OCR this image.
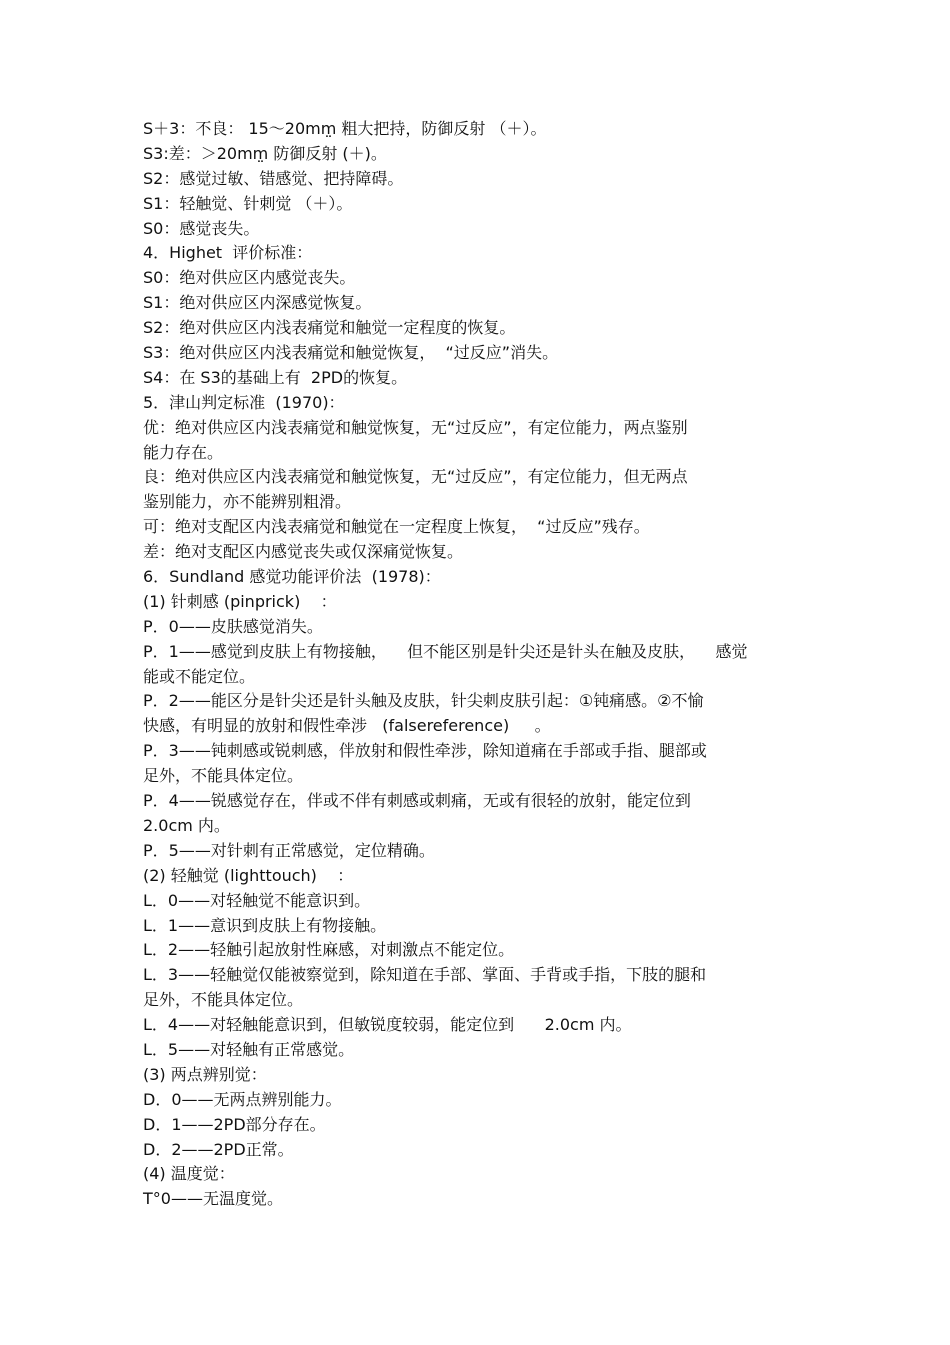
S＋3：不良： 15～20mm̤ 粗大把持，防御反射 （＋）。
S3:差：＞20mm̤ 防御反射 (＋)。
S2：感觉过敏、错感觉、把持障碍。
S1：轻触觉、针刺觉 （＋）。
S0：感觉丧失。
4．Highet  评价标准：
S0：绝对供应区内感觉丧失。
S1：绝对供应区内深感觉恢复。
S2：绝对供应区内浅表痛觉和触觉一定程度的恢复。
S3：绝对供应区内浅表痛觉和触觉恢复，  “过反应”消失。
S4：在 S3的基础上有  2PD的恢复。
5．津山判定标准  (1970)：
优：绝对供应区内浅表痛觉和触觉恢复，无“过反应”，有定位能力，两点鉴别
能力存在。
良：绝对供应区内浅表痛觉和触觉恢复，无“过反应”，有定位能力，但无两点
鉴别能力，亦不能辨别粗滑。
可：绝对支配区内浅表痛觉和触觉在一定程度上恢复，  “过反应”残存。
差：绝对支配区内感觉丧失或仅深痛觉恢复。
6．Sundland 感觉功能评价法  (1978)：
(1) 针刺感 (pinprick)    ：
P．0——皮肤感觉消失。
P．1——感觉到皮肤上有物接触，    但不能区别是针尖还是针头在触及皮肤，    感觉
能或不能定位。
P．2——能区分是针尖还是针头触及皮肤，针尖刺皮肤引起：①钝痛感。②不愉
快感，有明显的放射和假性牵涉   (falsereference)     。
P．3——钝刺感或锐刺感，伴放射和假性牵涉，除知道痛在手部或手指、腿部或
足外，不能具体定位。
P．4——锐感觉存在，伴或不伴有刺感或刺痛，无或有很轻的放射，能定位到
2.0cm 内。
P．5——对针刺有正常感觉，定位精确。
(2) 轻触觉 (lighttouch)    ：
L．0——对轻触觉不能意识到。
L．1——意识到皮肤上有物接触。
L．2——轻触引起放射性麻感，对刺激点不能定位。
L．3——轻触觉仅能被察觉到，除知道在手部、掌面、手背或手指，下肢的腿和
足外，不能具体定位。
L．4——对轻触能意识到，但敏锐度较弱，能定位到      2.0cm 内。
L．5——对轻触有正常感觉。
(3) 两点辨别觉：
D．0——无两点辨别能力。
D．1——2PD部分存在。
D．2——2PD正常。
(4) 温度觉：
T°0——无温度觉。
